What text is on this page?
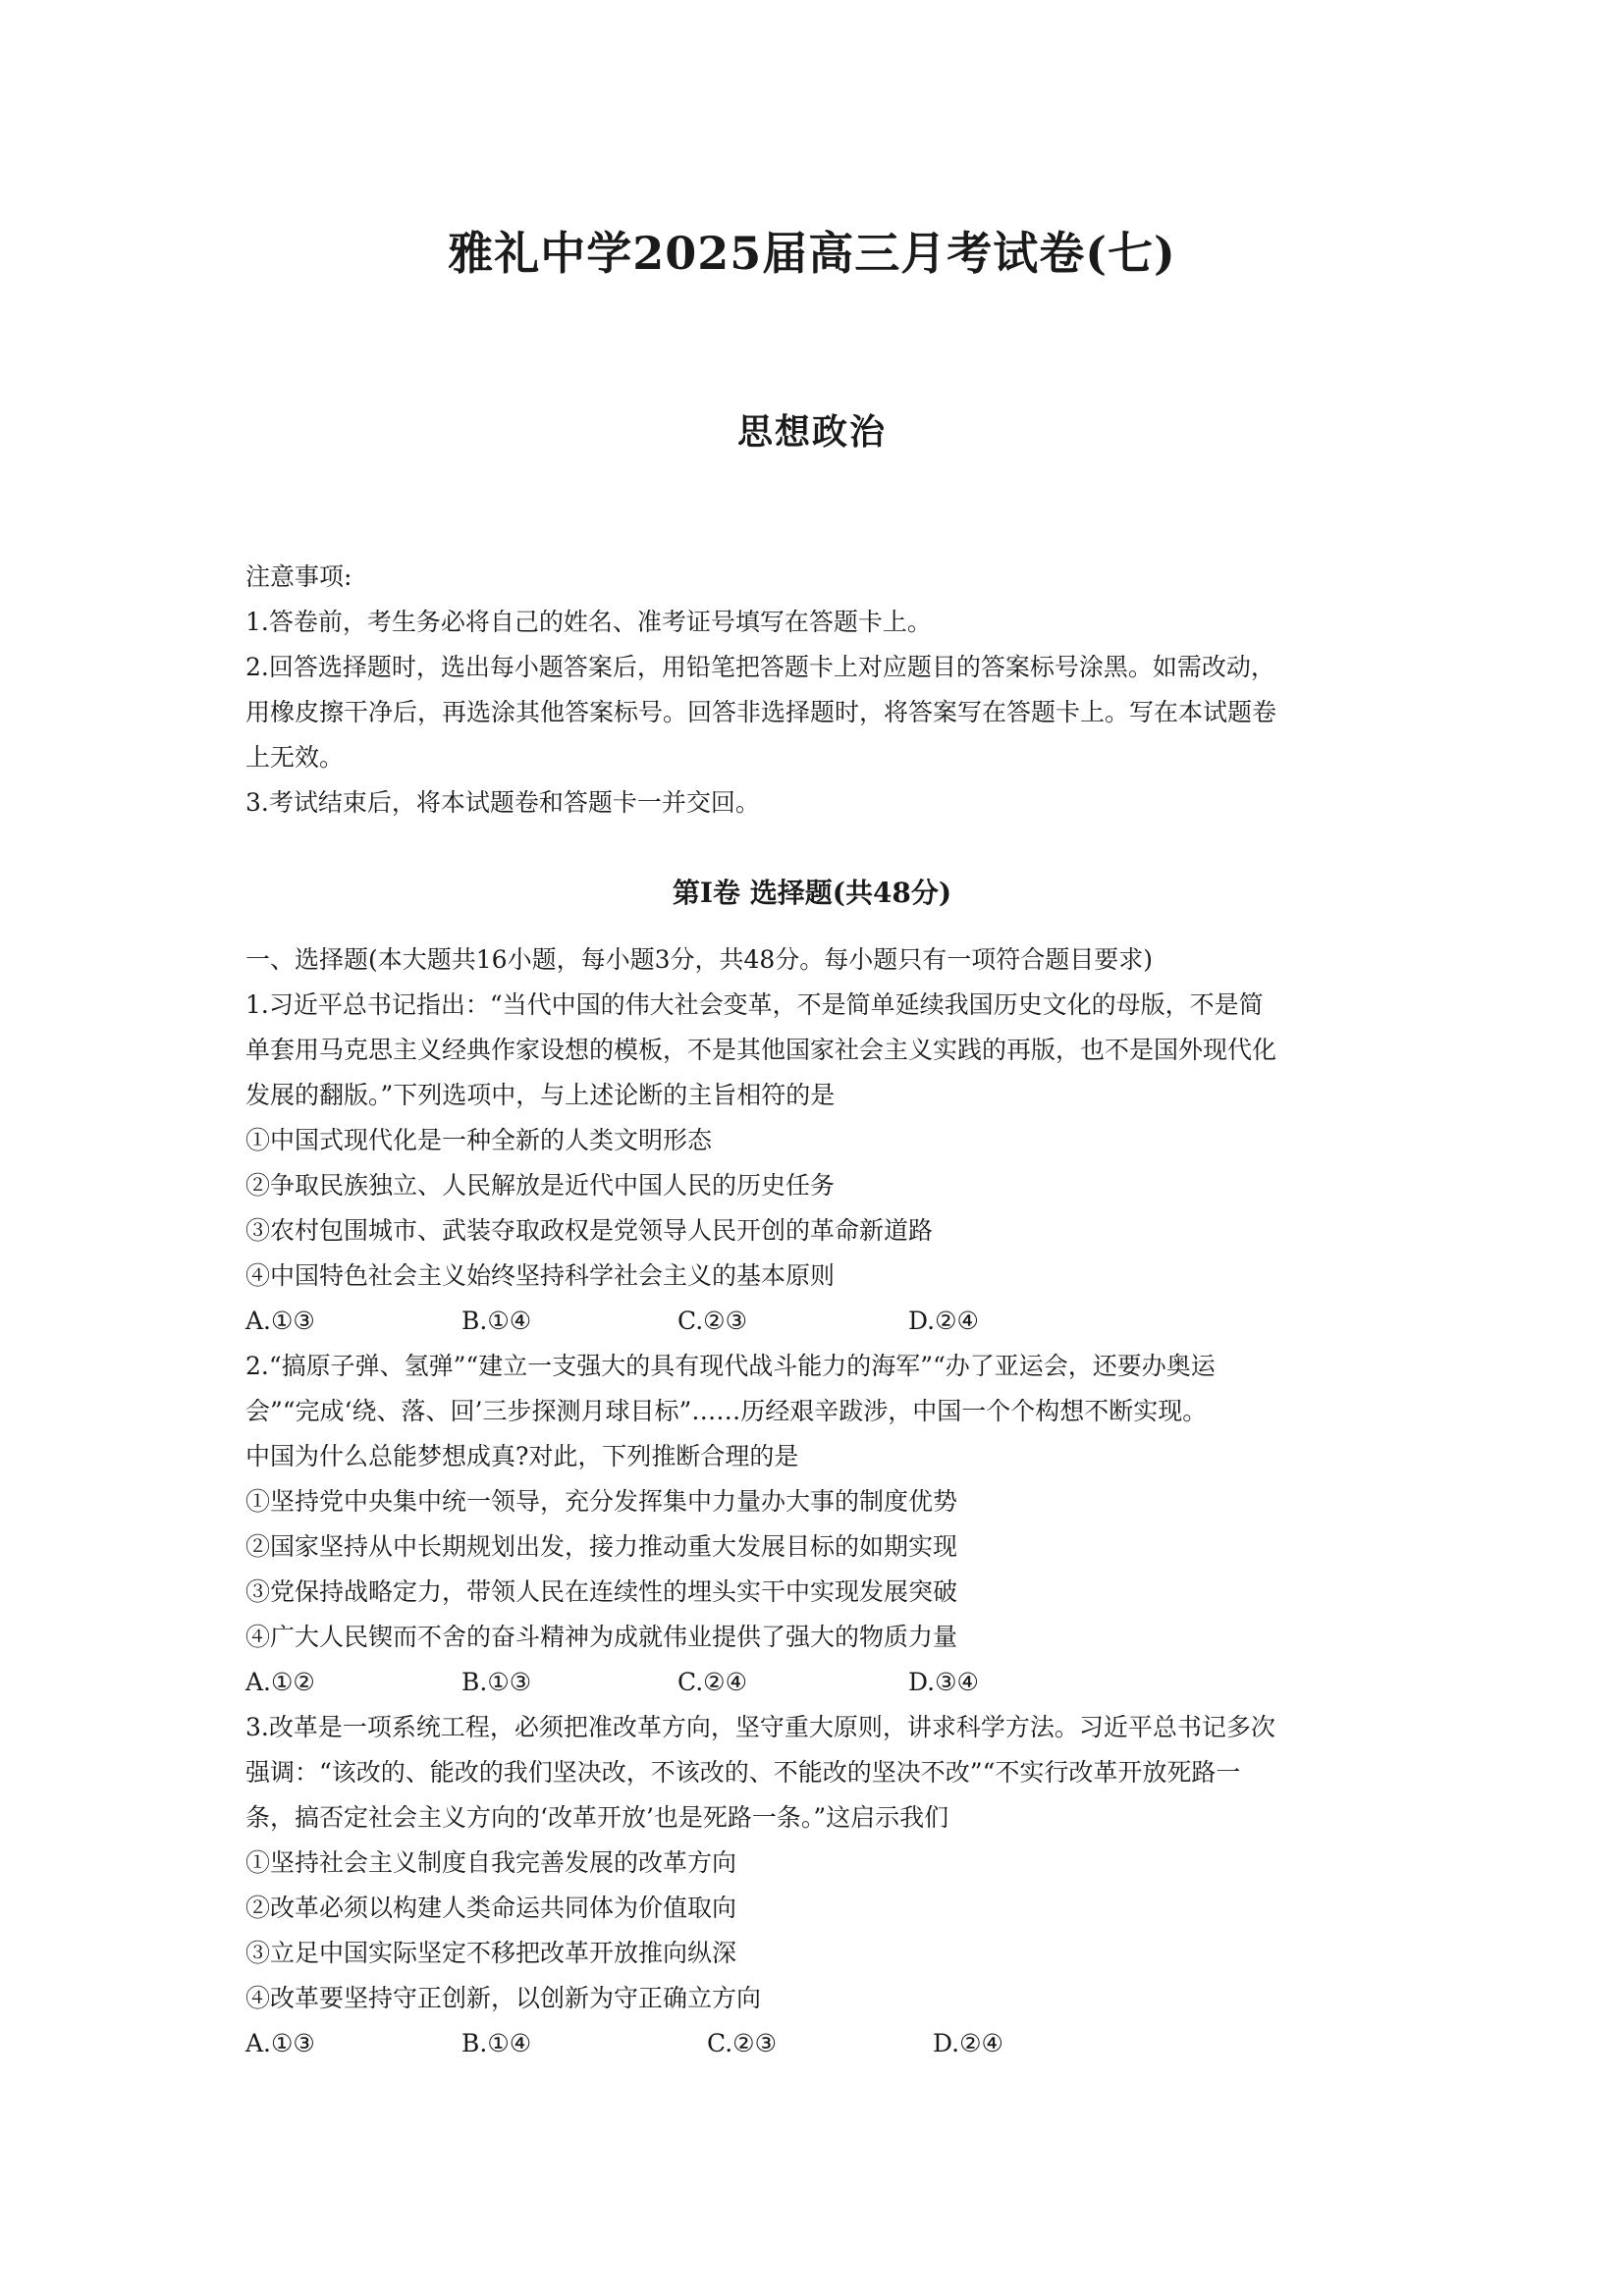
雅礼中学2025届高三月考试卷(七)
思想政治
注意事项:
1.答卷前，考生务必将自己的姓名、准考证号填写在答题卡上。
2.回答选择题时，选出每小题答案后，用铅笔把答题卡上对应题目的答案标号涂黑。如需改动，
用橡皮擦干净后，再选涂其他答案标号。回答非选择题时，将答案写在答题卡上。写在本试题卷
上无效。
3.考试结束后，将本试题卷和答题卡一并交回。
第Ⅰ卷 选择题(共48分)
一、选择题(本大题共16小题，每小题3分，共48分。每小题只有一项符合题目要求)
1.习近平总书记指出：“当代中国的伟大社会变革，不是简单延续我国历史文化的母版，不是简
单套用马克思主义经典作家设想的模板，不是其他国家社会主义实践的再版，也不是国外现代化
发展的翻版。”下列选项中，与上述论断的主旨相符的是
①中国式现代化是一种全新的人类文明形态
②争取民族独立、人民解放是近代中国人民的历史任务
③农村包围城市、武装夺取政权是党领导人民开创的革命新道路
④中国特色社会主义始终坚持科学社会主义的基本原则
A.①③	B.①④	C.②③	D.②④
2.“搞原子弹、氢弹”“建立一支强大的具有现代战斗能力的海军”“办了亚运会，还要办奥运
会”“完成‘绕、落、回’三步探测月球目标”……历经艰辛跋涉，中国一个个构想不断实现。
中国为什么总能梦想成真?对此，下列推断合理的是
①坚持党中央集中统一领导，充分发挥集中力量办大事的制度优势
②国家坚持从中长期规划出发，接力推动重大发展目标的如期实现
③党保持战略定力，带领人民在连续性的埋头实干中实现发展突破
④广大人民锲而不舍的奋斗精神为成就伟业提供了强大的物质力量
A.①②	B.①③	C.②④	D.③④
3.改革是一项系统工程，必须把准改革方向，坚守重大原则，讲求科学方法。习近平总书记多次
强调：“该改的、能改的我们坚决改，不该改的、不能改的坚决不改”“不实行改革开放死路一
条，搞否定社会主义方向的‘改革开放’也是死路一条。”这启示我们
①坚持社会主义制度自我完善发展的改革方向
②改革必须以构建人类命运共同体为价值取向
③立足中国实际坚定不移把改革开放推向纵深
④改革要坚持守正创新，以创新为守正确立方向
A.①③	B.①④	C.②③	D.②④
